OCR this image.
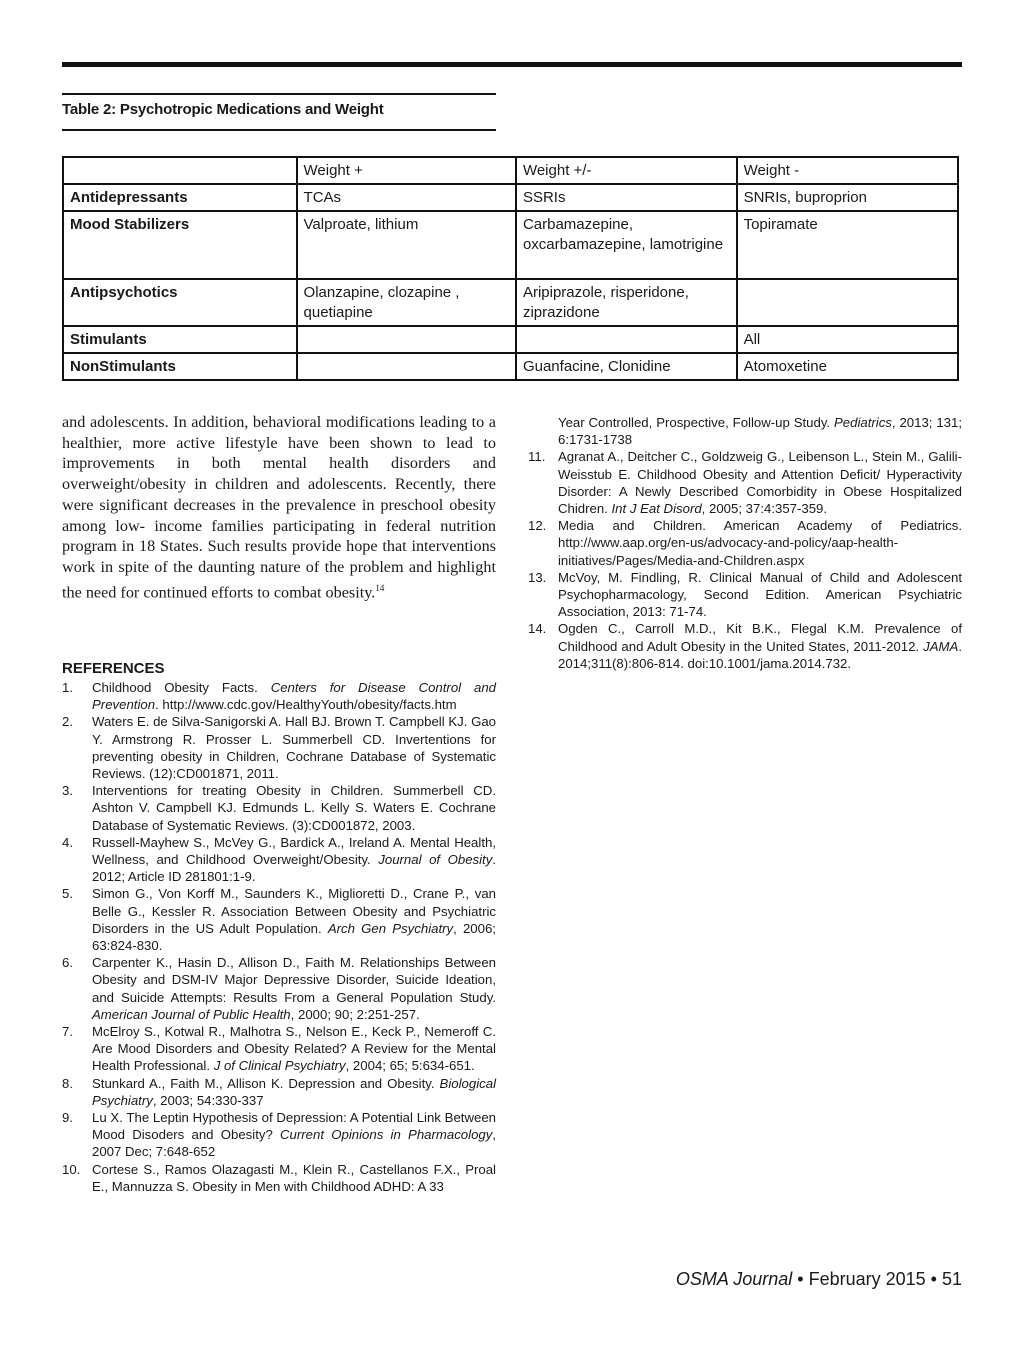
Table 2: Psychotropic Medications and Weight
	Weight +	Weight +/-	Weight -
Antidepressants	TCAs	SSRIs	SNRIs, buproprion
Mood Stabilizers	Valproate, lithium	Carbamazepine, oxcarbamazepine, lamotrigine	Topiramate
Antipsychotics	Olanzapine, clozapine , quetiapine	Aripiprazole, risperidone, ziprazidone	
Stimulants			All
NonStimulants		Guanfacine, Clonidine	Atomoxetine
and adolescents. In addition, behavioral modifications leading to a healthier, more active lifestyle have been shown to lead to improvements in both mental health disorders and overweight/obesity in children and adolescents. Recently, there were significant decreases in the prevalence in preschool obesity among low- income families participating in federal nutrition program in 18 States. Such results provide hope that interventions work in spite of the daunting nature of the problem and highlight the need for continued efforts to combat obesity.$^{14}$
REFERENCES
1.	Childhood Obesity Facts. Centers for Disease Control and Prevention. http://www.cdc.gov/HealthyYouth/obesity/facts.htm
2.	Waters E. de Silva-Sanigorski A. Hall BJ. Brown T. Campbell KJ. Gao Y. Armstrong R. Prosser L. Summerbell CD. Invertentions for preventing obesity in Children, Cochrane Database of Systematic Reviews. (12):CD001871, 2011.
3.	Interventions for treating Obesity in Children. Summerbell CD. Ashton V. Campbell KJ. Edmunds L. Kelly S. Waters E. Cochrane Database of Systematic Reviews. (3):CD001872, 2003.
4.	Russell-Mayhew S., McVey G., Bardick A., Ireland A. Mental Health, Wellness, and Childhood Overweight/Obesity. Journal of Obesity. 2012; Article ID 281801:1-9.
5.	Simon G., Von Korff M., Saunders K., Miglioretti D., Crane P., van Belle G., Kessler R. Association Between Obesity and Psychiatric Disorders in the US Adult Population. Arch Gen Psychiatry, 2006; 63:824-830.
6.	Carpenter K., Hasin D., Allison D., Faith M. Relationships Between Obesity and DSM-IV Major Depressive Disorder, Suicide Ideation, and Suicide Attempts: Results From a General Population Study. American Journal of Public Health, 2000; 90; 2:251-257.
7.	McElroy S., Kotwal R., Malhotra S., Nelson E., Keck P., Nemeroff C. Are Mood Disorders and Obesity Related? A Review for the Mental Health Professional. J of Clinical Psychiatry, 2004; 65; 5:634-651.
8.	Stunkard A., Faith M., Allison K. Depression and Obesity. Biological Psychiatry, 2003; 54:330-337
9.	Lu X. The Leptin Hypothesis of Depression: A Potential Link Between Mood Disoders and Obesity? Current Opinions in Pharmacology, 2007 Dec; 7:648-652
10. Cortese S., Ramos Olazagasti M., Klein R., Castellanos F.X., Proal E., Mannuzza S. Obesity in Men with Childhood ADHD: A 33
Year Controlled, Prospective, Follow-up Study. Pediatrics, 2013; 131; 6:1731-1738
11. Agranat A., Deitcher C., Goldzweig G., Leibenson L., Stein M., Galili-Weisstub E. Childhood Obesity and Attention Deficit/ Hyperactivity Disorder: A Newly Described Comorbidity in Obese Hospitalized Chidren. Int J Eat Disord, 2005; 37:4:357-359.
12. Media and Children. American Academy of Pediatrics. http://www.aap.org/en-us/advocacy-and-policy/aap-health-initiatives/Pages/Media-and-Children.aspx
13. McVoy, M. Findling, R. Clinical Manual of Child and Adolescent Psychopharmacology, Second Edition. American Psychiatric Association, 2013: 71-74.
14. Ogden C., Carroll M.D., Kit B.K., Flegal K.M. Prevalence of Childhood and Adult Obesity in the United States, 2011-2012. JAMA. 2014;311(8):806-814. doi:10.1001/jama.2014.732.
OSMA Journal • February 2015 • 51
